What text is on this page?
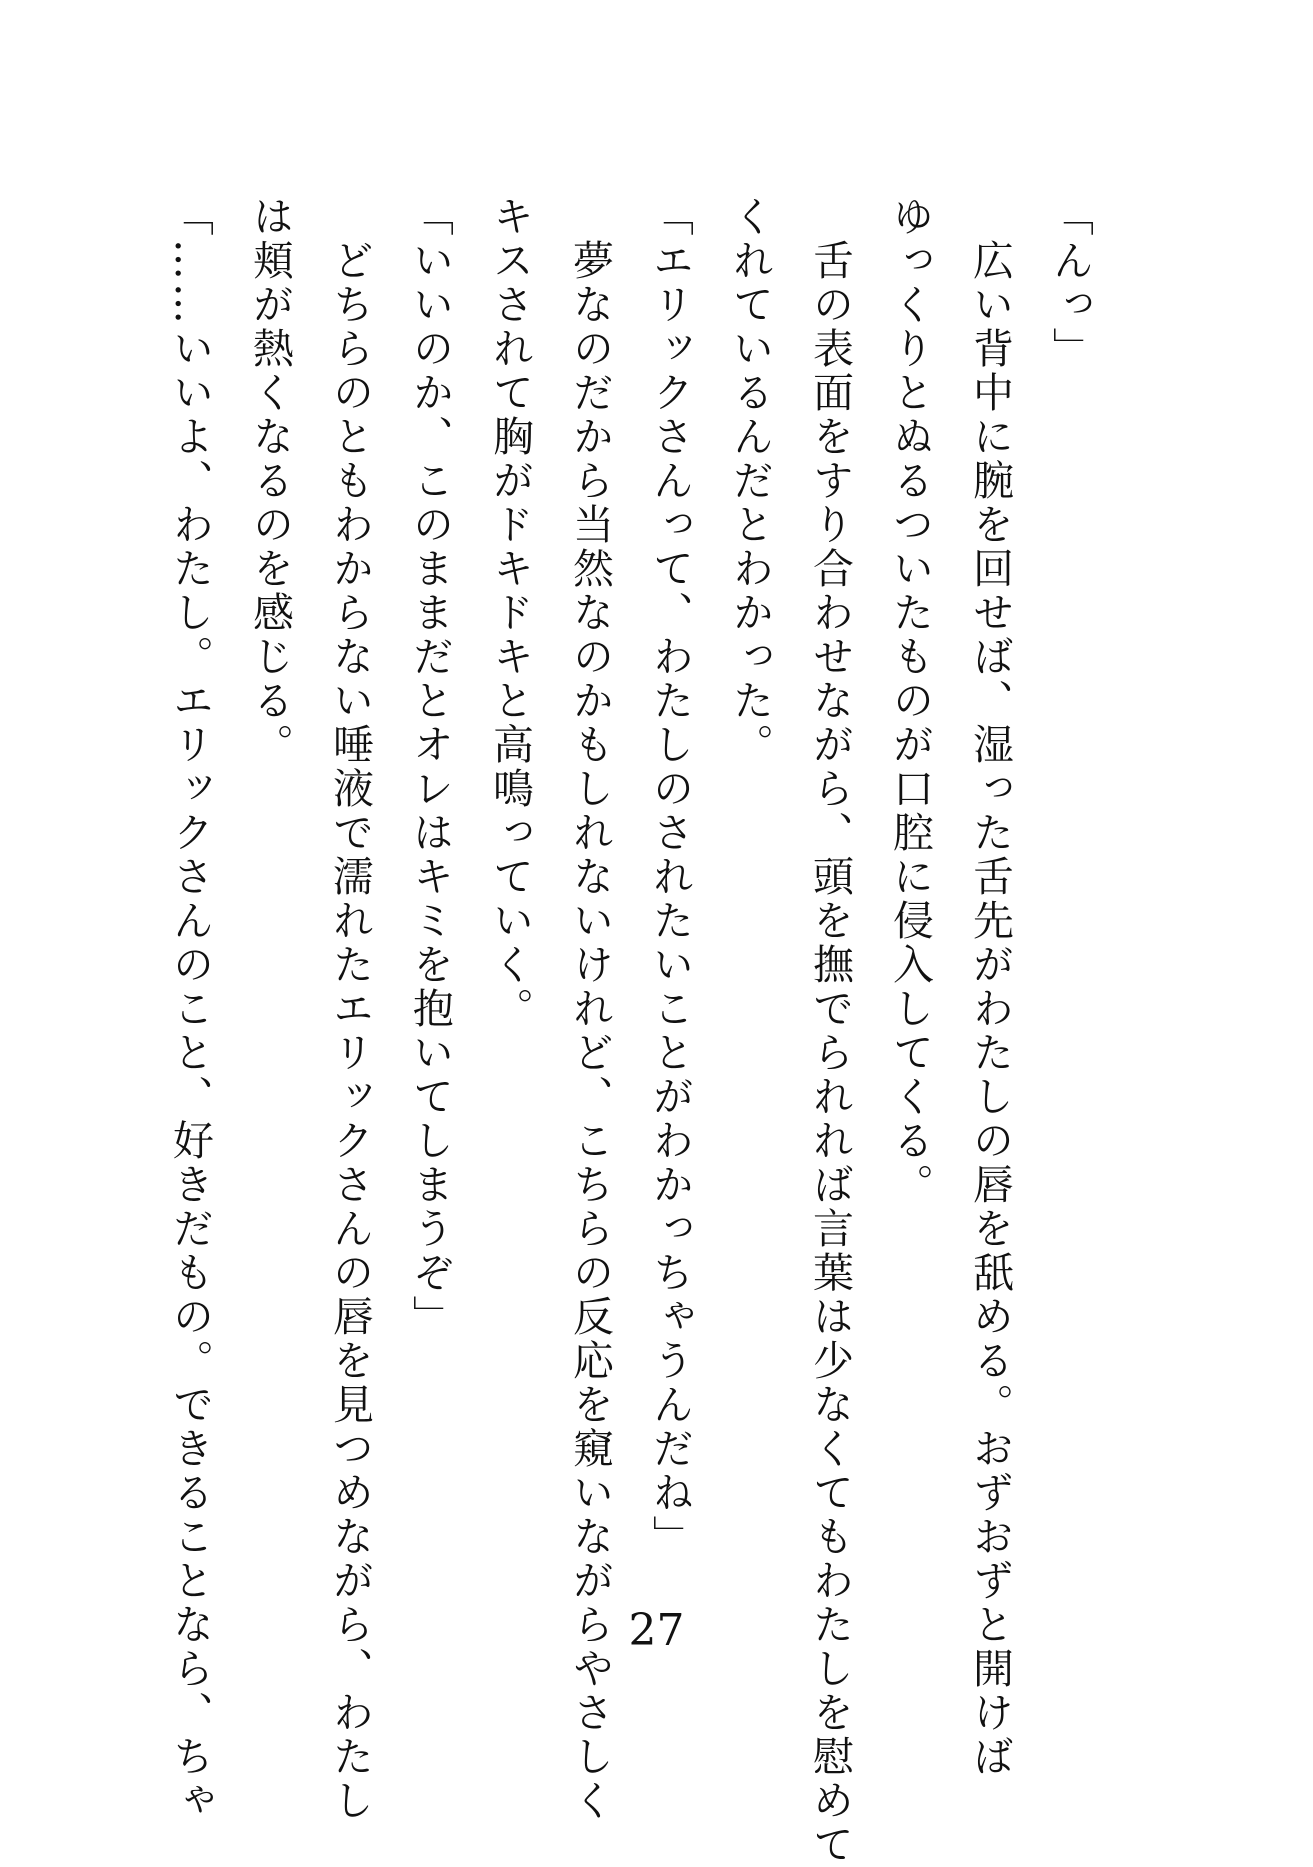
「んっ」

　広い背中に腕を回せば、湿った舌先がわたしの唇を舐める。おずおずと開けば

ゆっくりとぬるついたものが口腔に侵入してくる。

　舌の表面をすり合わせながら、頭を撫でられれば言葉は少なくてもわたしを慰めて

くれているんだとわかった。

「エリックさんって、わたしのされたいことがわかっちゃうんだね」

　夢なのだから当然なのかもしれないけれど、こちらの反応を窺いながらやさしく

キスされて胸がドキドキと高鳴っていく。

「いいのか、このままだとオレはキミを抱いてしまうぞ」

　どちらのともわからない唾液で濡れたエリックさんの唇を見つめながら、わたし

は頬が熱くなるのを感じる。

「……いいよ、わたし。エリックさんのこと、好きだもの。できることなら、ちゃ	27
